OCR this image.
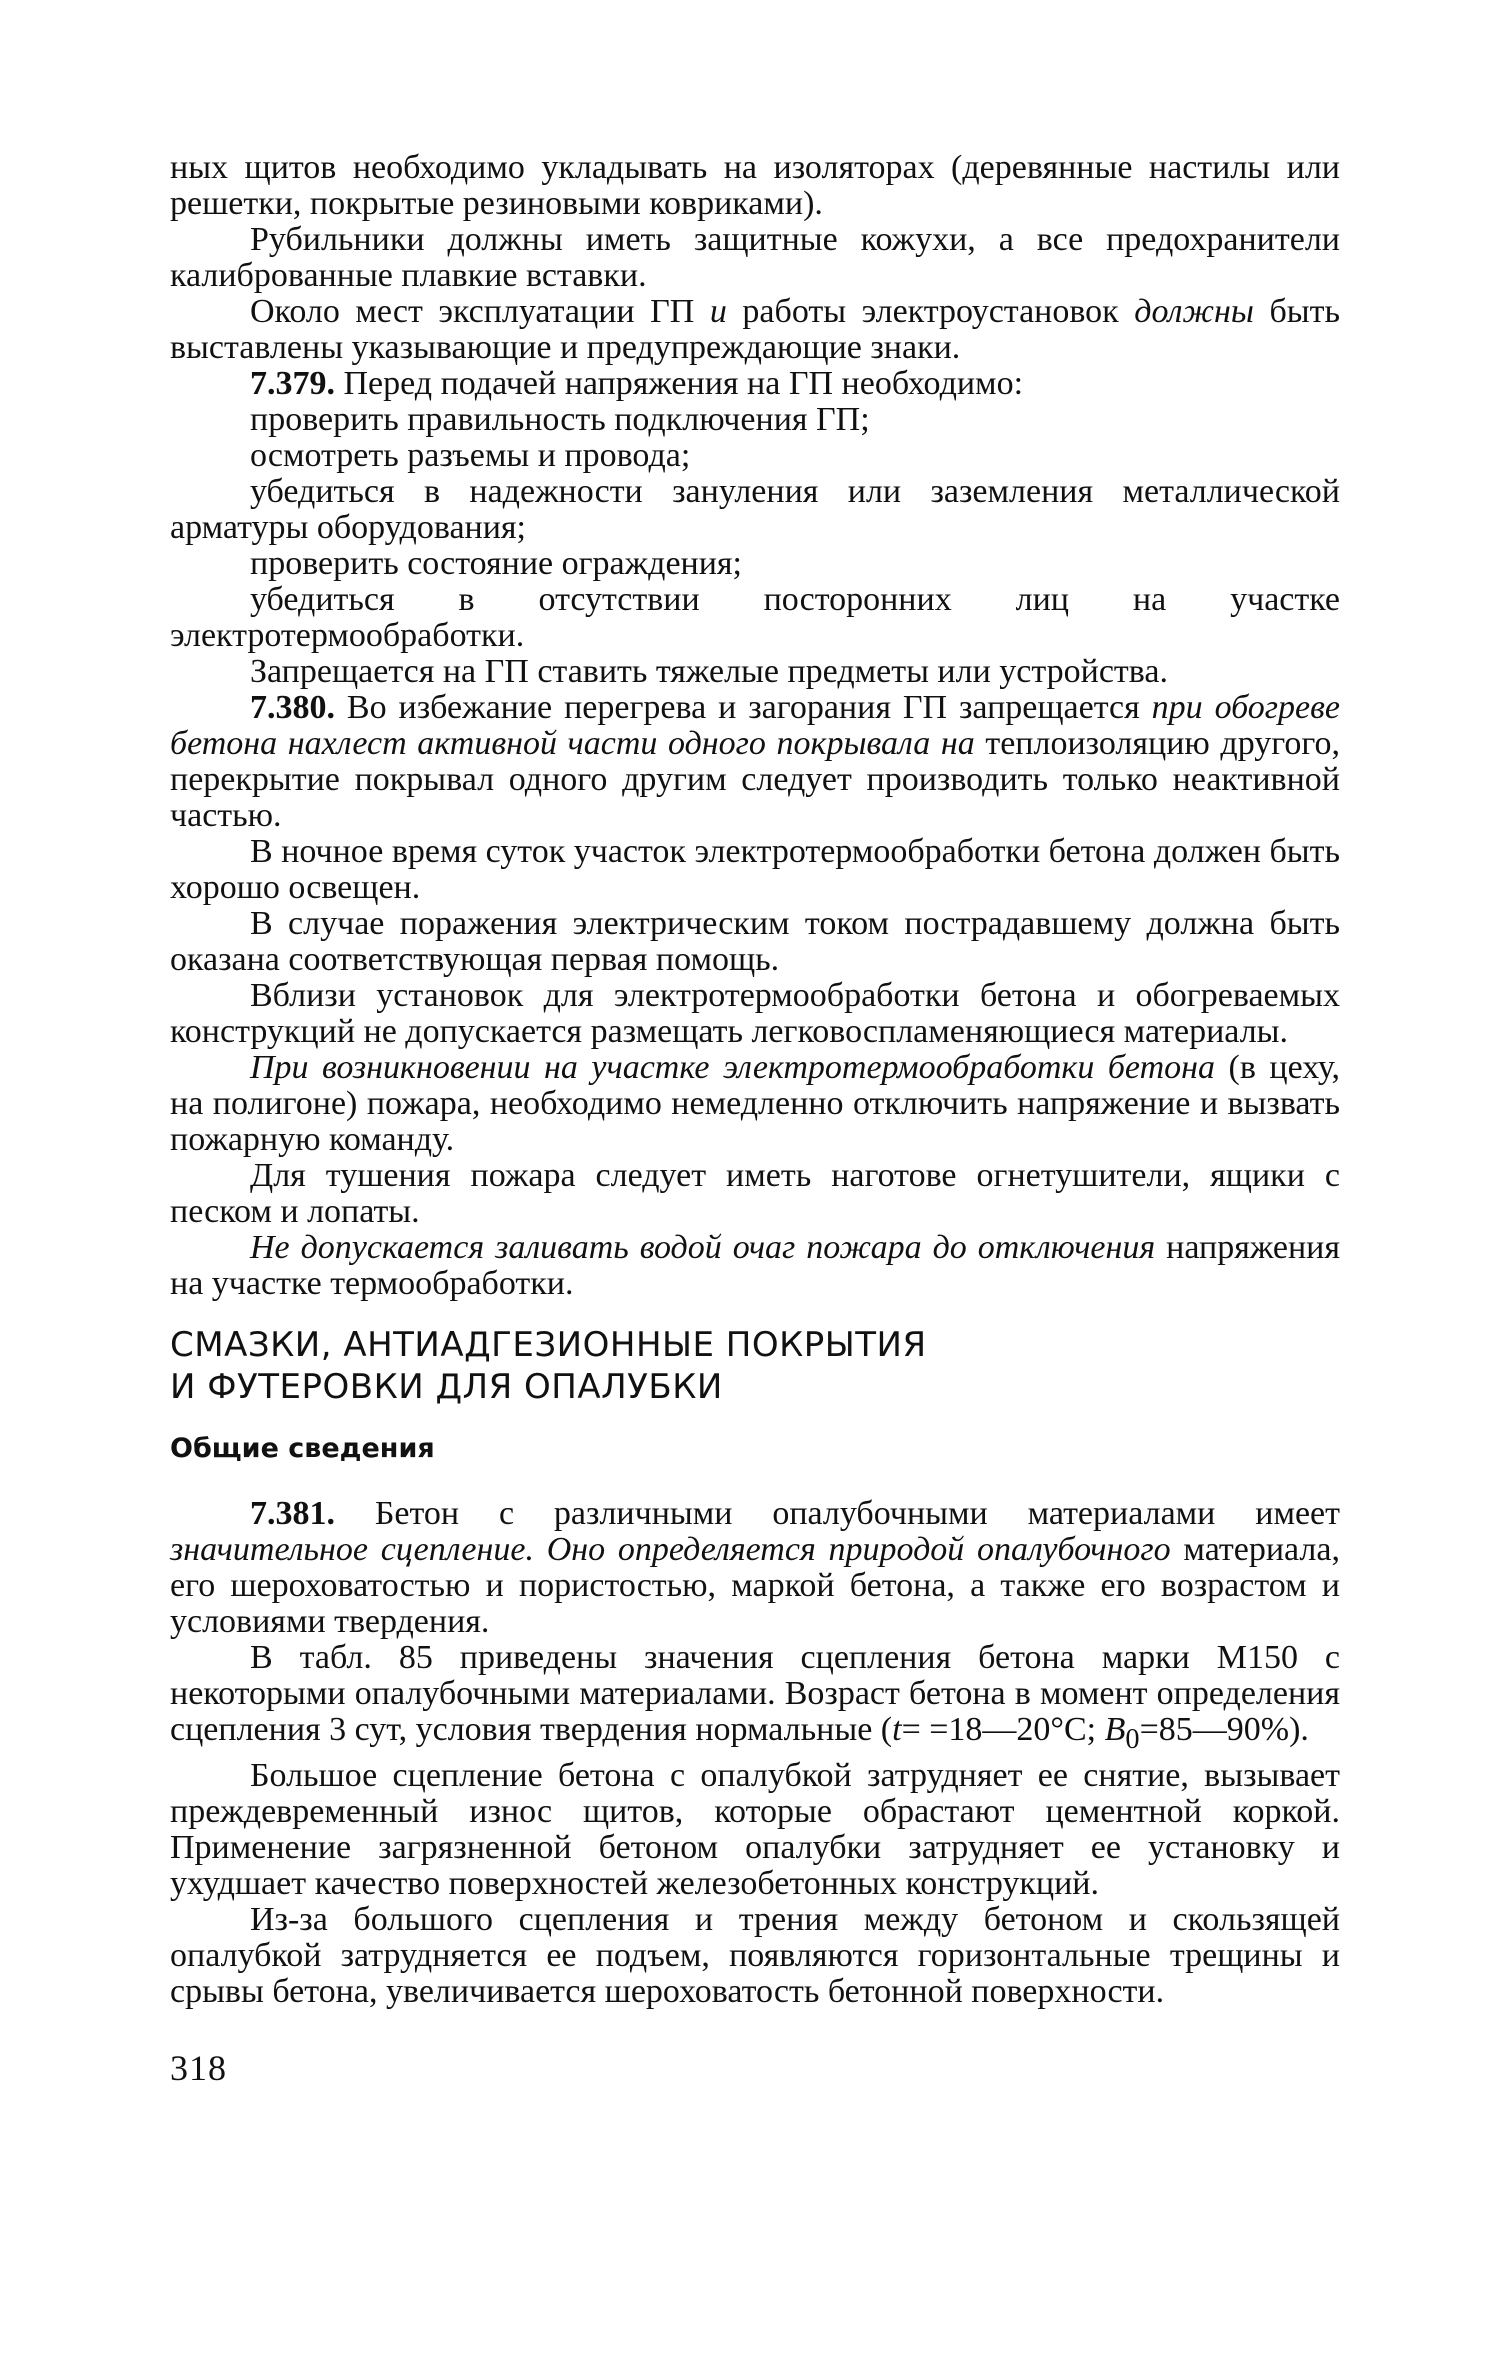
ных щитов необходимо укладывать на изоляторах (деревянные настилы или решетки, покрытые резиновыми ковриками).

Рубильники должны иметь защитные кожухи, а все предохранители калиброванные плавкие вставки.

Около мест эксплуатации ГП и работы электроустановок должны быть выставлены указывающие и предупреждающие знаки.

7.379. Перед подачей напряжения на ГП необходимо:

проверить правильность подключения ГП;

осмотреть разъемы и провода;

убедиться в надежности зануления или заземления металлической арматуры оборудования;

проверить состояние ограждения;

убедиться в отсутствии посторонних лиц на участке электротермообработки.

Запрещается на ГП ставить тяжелые предметы или устройства.

7.380. Во избежание перегрева и загорания ГП запрещается при обогреве бетона нахлест активной части одного покрывала на теплоизоляцию другого, перекрытие покрывал одного другим следует производить только неактивной частью.

В ночное время суток участок электротермообработки бетона должен быть хорошо освещен.

В случае поражения электрическим током пострадавшему должна быть оказана соответствующая первая помощь.

Вблизи установок для электротермообработки бетона и обогреваемых конструкций не допускается размещать легковоспламеняющиеся материалы.

При возникновении на участке электротермообработки бетона (в цеху, на полигоне) пожара, необходимо немедленно отключить напряжение и вызвать пожарную команду.

Для тушения пожара следует иметь наготове огнетушители, ящики с песком и лопаты.

Не допускается заливать водой очаг пожара до отключения напряжения на участке термообработки.

СМАЗКИ, АНТИАДГЕЗИОННЫЕ ПОКРЫТИЯ
И ФУТЕРОВКИ ДЛЯ ОПАЛУБКИ
Общие сведения

7.381. Бетон с различными опалубочными материалами имеет значительное сцепление. Оно определяется природой опалубочного материала, его шероховатостью и пористостью, маркой бетона, а также его возрастом и условиями твердения.

В табл. 85 приведены значения сцепления бетона марки М150 с некоторыми опалубочными материалами. Возраст бетона в момент определения сцепления 3 сут, условия твердения нормальные (t= =18—20°С; $B_0=85—90\%$).

Большое сцепление бетона с опалубкой затрудняет ее снятие, вызывает преждевременный износ щитов, которые обрастают цементной коркой. Применение загрязненной бетоном опалубки затрудняет ее установку и ухудшает качество поверхностей железобетонных конструкций.

Из-за большого сцепления и трения между бетоном и скользящей опалубкой затрудняется ее подъем, появляются горизонтальные трещины и срывы бетона, увеличивается шероховатость бетонной поверхности.

318
